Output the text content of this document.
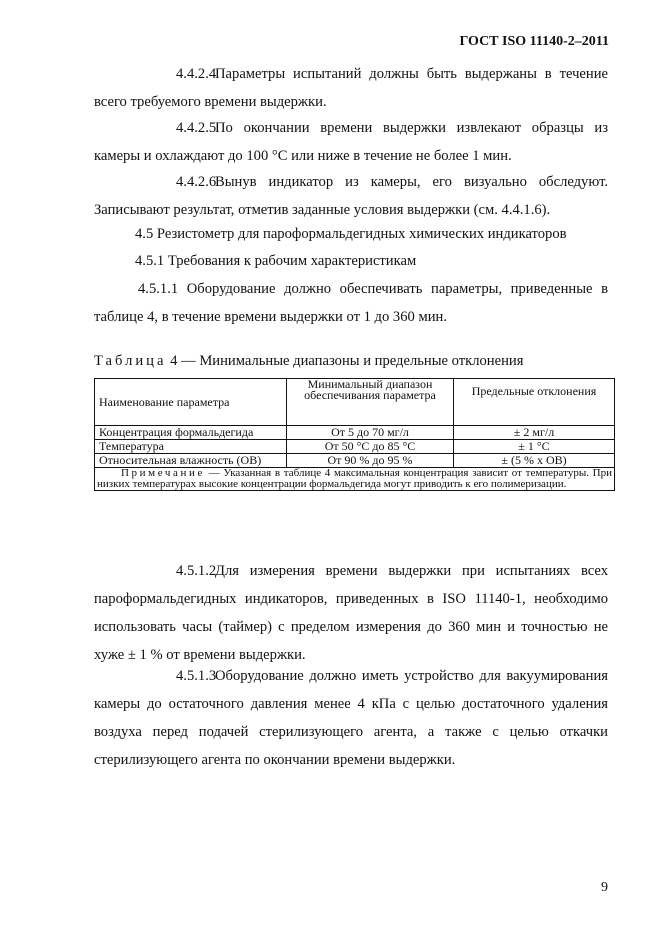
ГОСТ ISO 11140-2–2011
4.4.2.4Параметры испытаний должны быть выдержаны в течение всего требуемого времени выдержки.
4.4.2.5По окончании времени выдержки извлекают образцы из камеры и охлаждают до 100 °С или ниже в течение не более 1 мин.
4.4.2.6Вынув индикатор из камеры, его визуально обследуют. Записывают результат, отметив заданные условия выдержки (см. 4.4.1.6).
4.5 Резистометр для пароформальдегидных химических индикаторов
4.5.1 Требования к рабочим характеристикам
4.5.1.1 Оборудование должно обеспечивать параметры, приведенные в таблице 4, в течение времени выдержки от 1 до 360 мин.
Таблица 4 — Минимальные диапазоны и предельные отклонения
Наименование параметра	Минимальный диапазон обеспечивания параметра	Предельные отклонения
Концентрация формальдегида	От 5 до 70 мг/л	± 2 мг/л
Температура	От 50 °С до 85 °С	± 1 °С
Относительная влажность (ОВ)	От 90 % до 95 %	± (5 % х ОВ)
Примечание — Указанная в таблице 4 максимальная концентрация зависит от температуры. При низких температурах высокие концентрации формальдегида могут приводить к его полимеризации.		
4.5.1.2Для измерения времени выдержки при испытаниях всех пароформальдегидных индикаторов, приведенных в ISO 11140-1, необходимо использовать часы (таймер) с пределом измерения до 360 мин и точностью не хуже ± 1 % от времени выдержки.
4.5.1.3Оборудование должно иметь устройство для вакуумирования камеры до остаточного давления менее 4 кПа с целью достаточного удаления воздуха перед подачей стерилизующего агента, а также с целью откачки стерилизующего агента по окончании времени выдержки.
9
